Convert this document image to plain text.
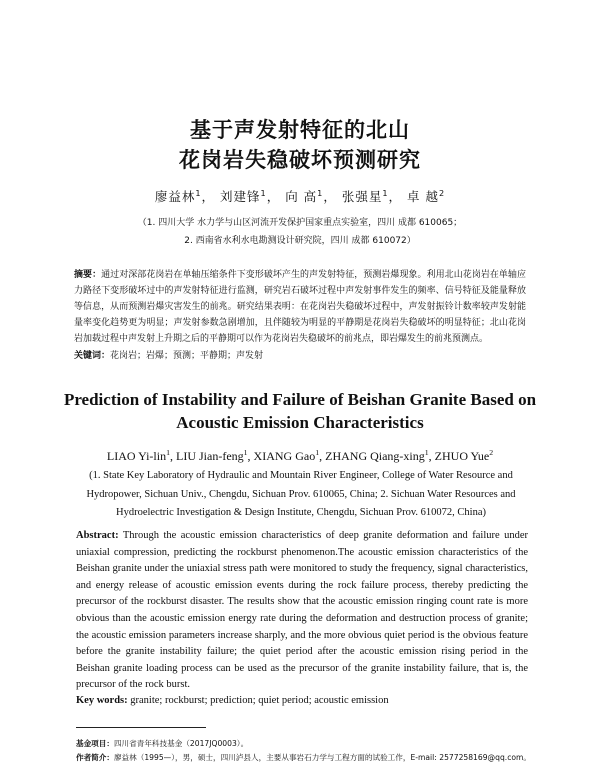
基于声发射特征的北山
花岗岩失稳破坏预测研究
廖益林$^1$， 刘建锋$^1$， 向 高$^1$， 张强星$^1$， 卓 越$^2$
（1. 四川大学 水力学与山区河流开发保护国家重点实验室，四川 成都 610065；
2. 西南省水利水电勘测设计研究院，四川 成都 610072）
摘要：通过对深部花岗岩在单轴压缩条件下变形破坏产生的声发射特征，预测岩爆现象。利用北山花岗岩在单轴应力路径下变形破坏过中的声发射特征进行监测，研究岩石破坏过程中声发射事件发生的频率、信号特征及能量释放等信息，从而预测岩爆灾害发生的前兆。研究结果表明：在花岗岩失稳破坏过程中，声发射振铃计数率较声发射能量率变化趋势更为明显；声发射参数急剧增加，且伴随较为明显的平静期是花岗岩失稳破坏的明显特征；北山花岗岩加载过程中声发射上升期之后的平静期可以作为花岗岩失稳破坏的前兆点，即岩爆发生的前兆预测点。
关键词：花岗岩；岩爆；预测；平静期；声发射
Prediction of Instability and Failure of Beishan Granite Based on
Acoustic Emission Characteristics
LIAO Yi-lin$^1$, LIU Jian-feng$^1$, XIANG Gao$^1$, ZHANG Qiang-xing$^1$, ZHUO Yue$^2$
(1. State Key Laboratory of Hydraulic and Mountain River Engineer, College of Water Resource and Hydropower, Sichuan Univ., Chengdu, Sichuan Prov. 610065, China; 2. Sichuan Water Resources and Hydroelectric Investigation & Design Institute, Chengdu, Sichuan Prov. 610072, China)
Abstract: Through the acoustic emission characteristics of deep granite deformation and failure under uniaxial compression, predicting the rockburst phenomenon.The acoustic emission characteristics of the Beishan granite under the uniaxial stress path were monitored to study the frequency, signal characteristics, and energy release of acoustic emission events during the rock failure process, thereby predicting the precursor of the rockburst disaster. The results show that the acoustic emission ringing count rate is more obvious than the acoustic emission energy rate during the deformation and destruction process of granite; the acoustic emission parameters increase sharply, and the more obvious quiet period is the obvious feature before the granite instability failure; the quiet period after the acoustic emission rising period in the Beishan granite loading process can be used as the precursor of the granite instability failure, that is, the precursor of the rock burst.
Key words: granite; rockburst; prediction; quiet period; acoustic emission
基金项目：四川省青年科技基金（2017JQ0003）。
作者简介：廖益林（1995—），男，硕士，四川泸县人，主要从事岩石力学与工程方面的试验工作，E-mail: 2577258169@qq.com。
